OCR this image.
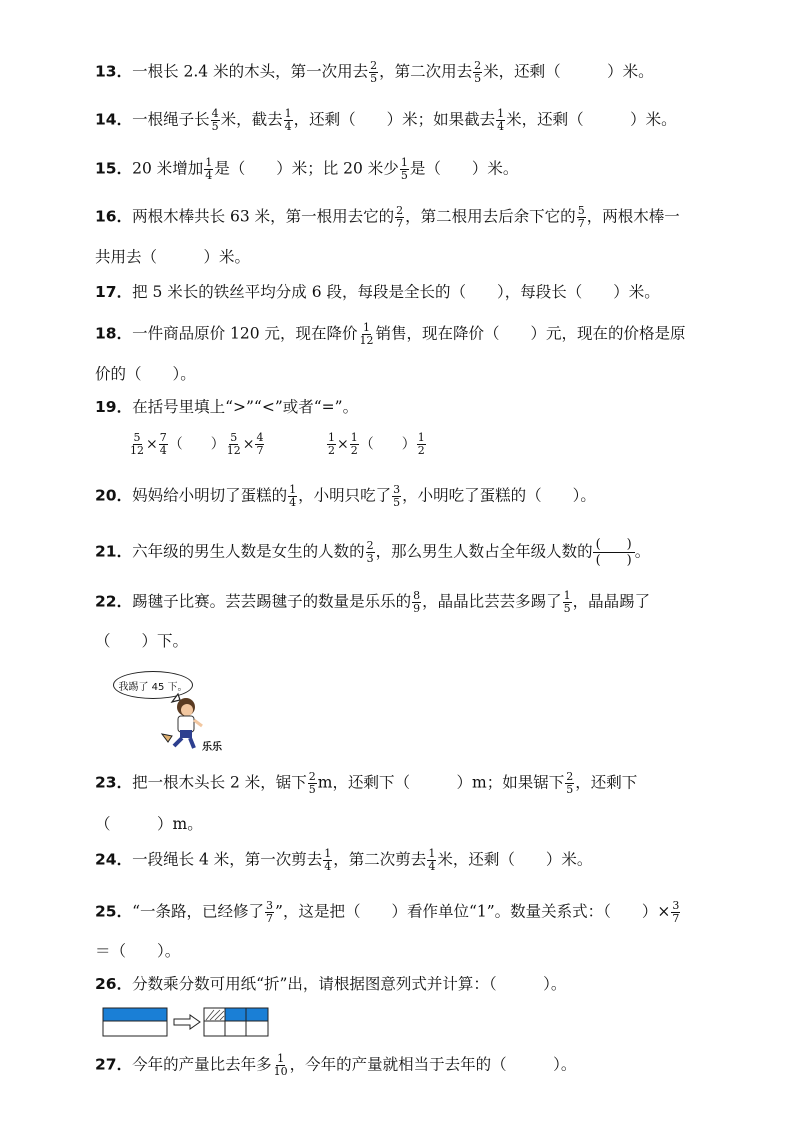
13．一根长 2.4 米的木头，第一次用去 $\frac{2}{5}$ ，第二次用去 $\frac{2}{5}$ 米，还剩（　　　）米。
14．一根绳子长 $\frac{4}{5}$ 米，截去 $\frac{1}{4}$ ，还剩（　　）米；如果截去 $\frac{1}{4}$ 米，还剩（　　　）米。
15．20 米增加 $\frac{1}{4}$ 是（　　）米；比 20 米少 $\frac{1}{5}$ 是（　　）米。
16．两根木棒共长 63 米，第一根用去它的 $\frac{2}{7}$ ，第二根用去后余下它的 $\frac{5}{7}$ ，两根木棒一
共用去（　　　）米。
17．把 5 米长的铁丝平均分成 6 段，每段是全长的（　　），每段长（　　）米。
18．一件商品原价 120 元，现在降价 $\frac{1}{12}$ 销售，现在降价（　　）元，现在的价格是原
价的（　　）。
19．在括号里填上“>”“<”或者“=”。
$\frac{5}{12} \times \frac{7}{4}$ （　　） $\frac{5}{12} \times \frac{4}{7}$	$\frac{1}{2} \times \frac{1}{2}$ （　　） $\frac{1}{2}$
20．妈妈给小明切了蛋糕的 $\frac{1}{4}$ ，小明只吃了 $\frac{3}{5}$ ，小明吃了蛋糕的（　　）。
21．六年级的男生人数是女生的人数的 $\frac{2}{3}$ ，那么男生人数占全年级人数的 (　　)
(　　) 。
22．踢毽子比赛。芸芸踢毽子的数量是乐乐的 $\frac{8}{9}$ ，晶晶比芸芸多踢了 $\frac{1}{5}$ ，晶晶踢了
（　　）下。
我踢了 45 下。
乐乐
23．把一根木头长 2 米，锯下 $\frac{2}{5}$ m，还剩下（　　　）m；如果锯下 $\frac{2}{5}$ ，还剩下
（　　　）m。
24．一段绳长 4 米，第一次剪去 $\frac{1}{4}$ ，第二次剪去 $\frac{1}{4}$ 米，还剩（　　）米。
25．“一条路，已经修了 $\frac{3}{7}$ ”，这是把（　　）看作单位“1”。数量关系式：（　　）× $\frac{3}{7}$
＝（　　）。
26．分数乘分数可用纸“折”出，请根据图意列式并计算：（　　　）。
27．今年的产量比去年多 $\frac{1}{10}$ ，今年的产量就相当于去年的（　　　）。
